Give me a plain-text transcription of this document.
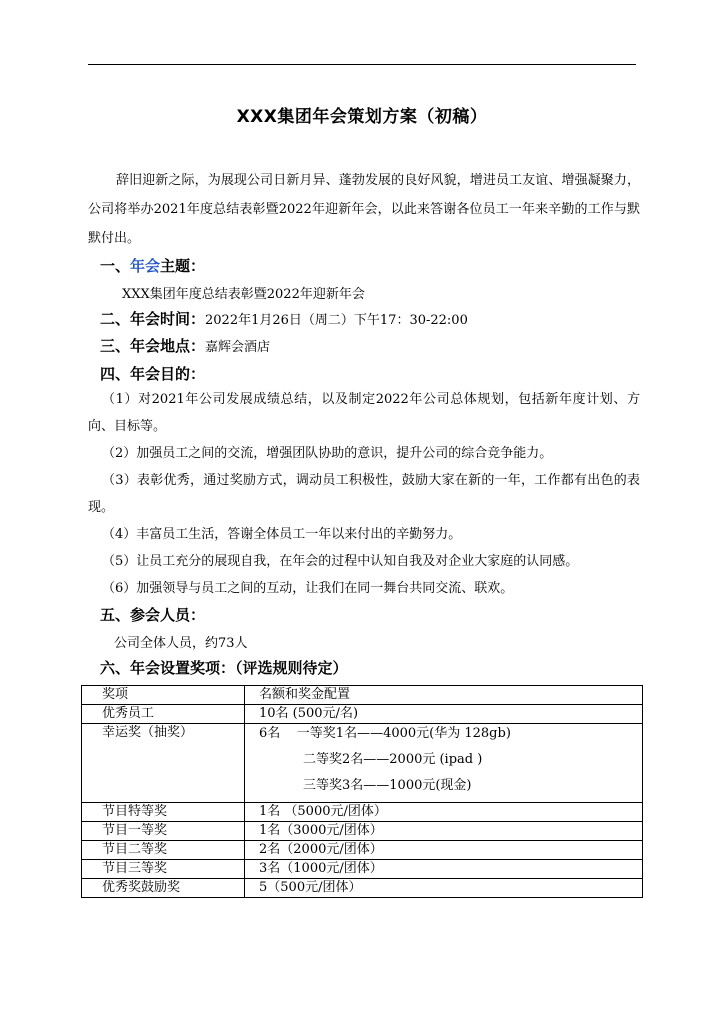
XXX集团年会策划方案（初稿）
辞旧迎新之际，为展现公司日新月异、蓬勃发展的良好风貌，增进员工友谊、增强凝聚力，公司将举办2021年度总结表彰暨2022年迎新年会，以此来答谢各位员工一年来辛勤的工作与默默付出。
一、年会主题：
XXX集团年度总结表彰暨2022年迎新年会
二、年会时间：2022年1月26日（周二）下午17：30-22:00
三、年会地点：嘉辉会酒店
四、年会目的：
（1）对2021年公司发展成绩总结，以及制定2022年公司总体规划，包括新年度计划、方向、目标等。
（2）加强员工之间的交流，增强团队协助的意识，提升公司的综合竞争能力。
（3）表彰优秀，通过奖励方式，调动员工积极性，鼓励大家在新的一年，工作都有出色的表现。
（4）丰富员工生活，答谢全体员工一年以来付出的辛勤努力。
（5）让员工充分的展现自我，在年会的过程中认知自我及对企业大家庭的认同感。
（6）加强领导与员工之间的互动，让我们在同一舞台共同交流、联欢。
五、参会人员：
公司全体人员，约73人
六、年会设置奖项：（评选规则待定）
奖项	名额和奖金配置
优秀员工	10名 (500元/名)
幸运奖（抽奖）	6名    一等奖1名——4000元(华为 128gb)
二等奖2名——2000元 (ipad )
三等奖3名——1000元(现金)

节目特等奖	1名 （5000元/团体）
节目一等奖	1名（3000元/团体）
节目二等奖	2名（2000元/团体）
节目三等奖	3名（1000元/团体）
优秀奖鼓励奖	5（500元/团体）
